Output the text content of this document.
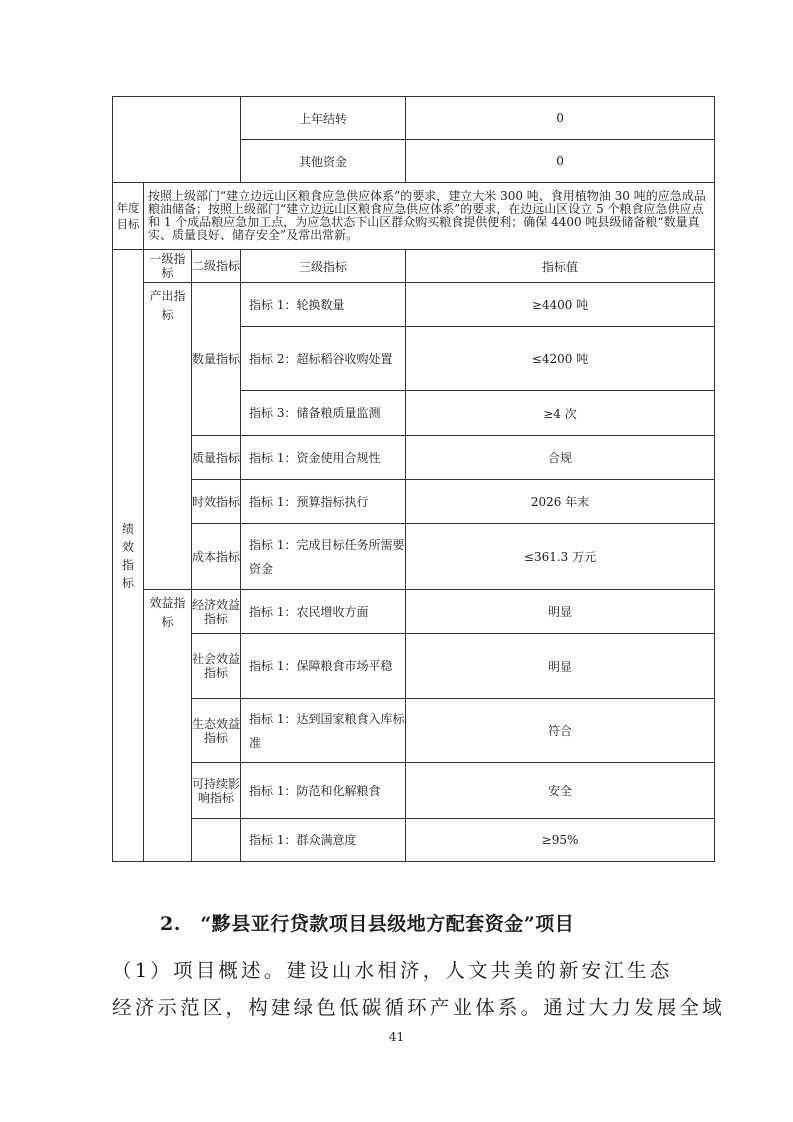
			上年结转	0
			其他资金	0
年度目标	按照上级部门“建立边远山区粮食应急供应体系”的要求，建立大米 300 吨、食用植物油 30 吨的应急成品粮油储备；按照上级部门“建立边远山区粮食应急供应体系”的要求，在边远山区设立 5 个粮食应急供应点和 1 个成品粮应急加工点，为应急状态下山区群众购买粮食提供便利；确保 4400 吨县级储备粮“数量真实、质量良好、储存安全”及常出常新。			
绩效指标	一级指标	二级指标	三级指标	指标值
	产出指标	数量指标	指标 1：轮换数量	≥4400 吨
			指标 2：超标稻谷收购处置	≤4200 吨
			指标 3：储备粮质量监测	≥4 次
		质量指标	指标 1：资金使用合规性	合规
		时效指标	指标 1：预算指标执行	2026 年末
		成本指标	指标 1：完成目标任务所需要资金	≤361.3 万元
	效益指标	经济效益指标	指标 1：农民增收方面	明显
		社会效益指标	指标 1：保障粮食市场平稳	明显
		生态效益指标	指标 1：达到国家粮食入库标准	符合
		可持续影响指标	指标 1：防范和化解粮食	安全
			指标 1：群众满意度	≥95%
2.　“黟县亚行贷款项目县级地方配套资金”项目
（1）项目概述。建设山水相济，人文共美的新安江生态
经济示范区，构建绿色低碳循环产业体系。通过大力发展全域
41
